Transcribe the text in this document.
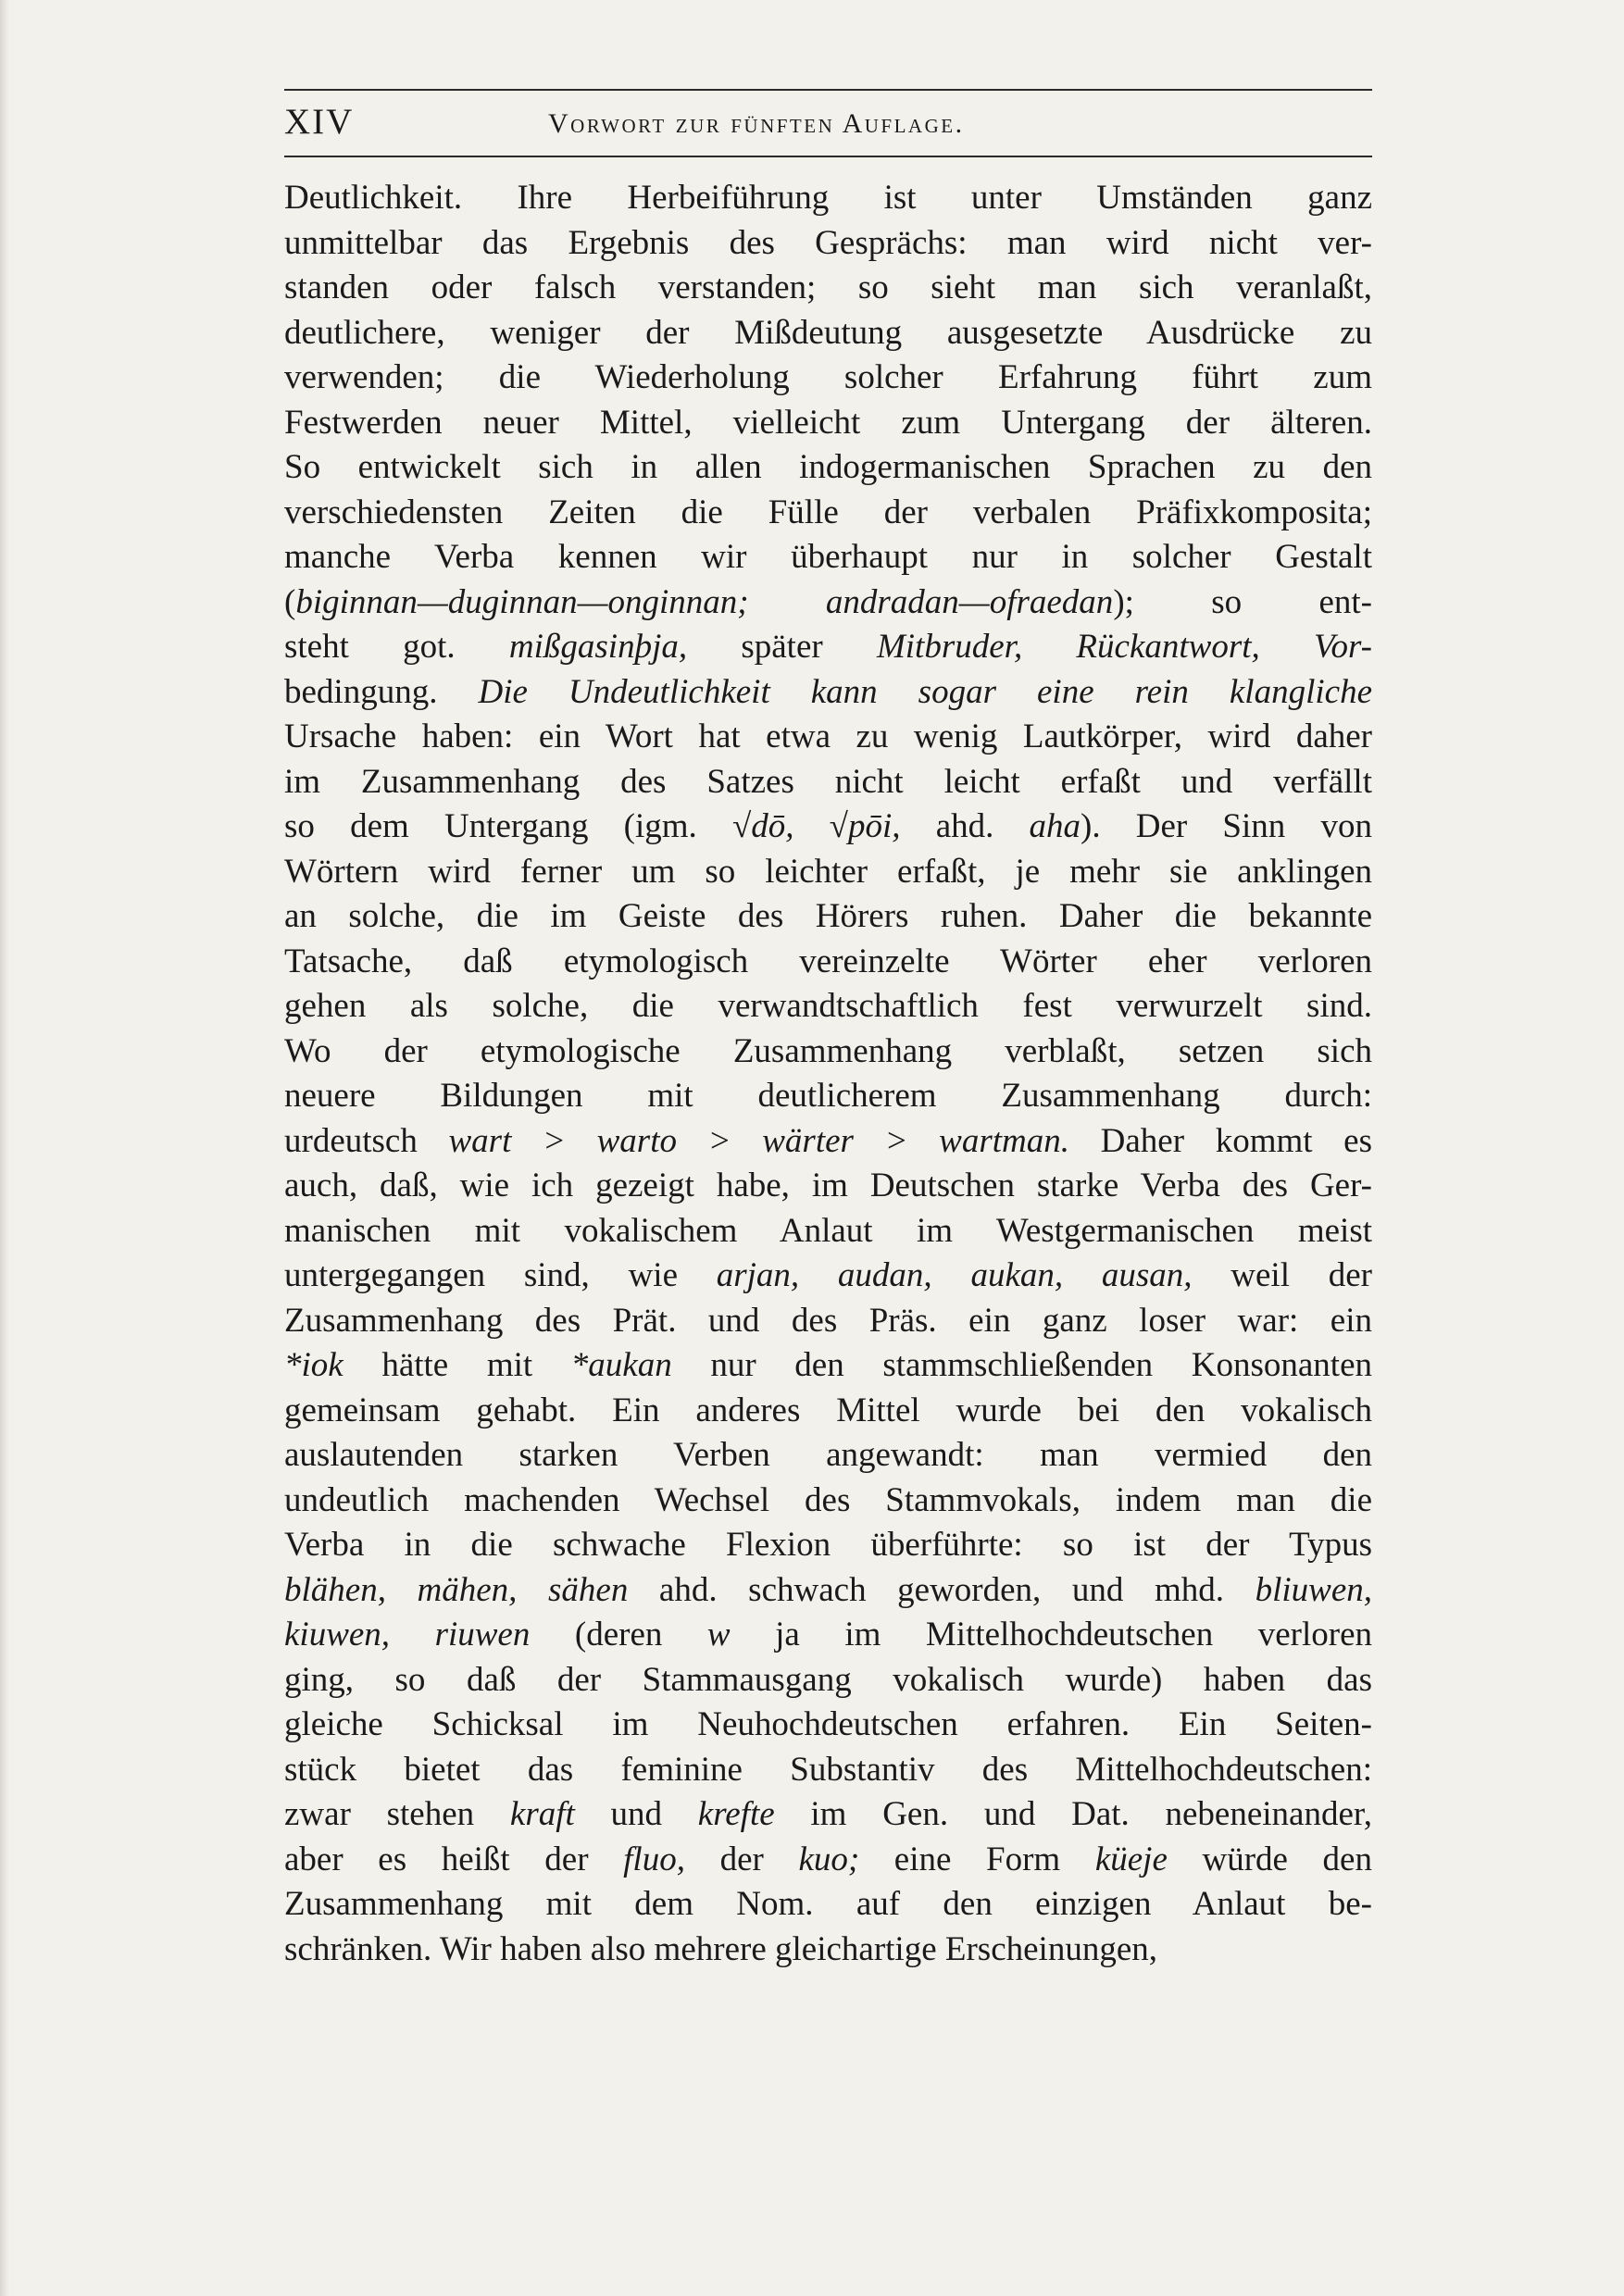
XIV	Vorwort zur fünften Auflage.
Deutlichkeit. Ihre Herbeiführung ist unter Umständen ganz
unmittelbar das Ergebnis des Gesprächs: man wird nicht ver-
standen oder falsch verstanden; so sieht man sich veranlaßt,
deutlichere, weniger der Mißdeutung ausgesetzte Ausdrücke zu
verwenden; die Wiederholung solcher Erfahrung führt zum
Festwerden neuer Mittel, vielleicht zum Untergang der älteren.
So entwickelt sich in allen indogermanischen Sprachen zu den
verschiedensten Zeiten die Fülle der verbalen Präfixkomposita;
manche Verba kennen wir überhaupt nur in solcher Gestalt
(biginnan—duginnan—onginnan; andradan—ofraedan); so ent-
steht got. mißgasinþja, später Mitbruder, Rückantwort, Vor-
bedingung. Die Undeutlichkeit kann sogar eine rein klangliche
Ursache haben: ein Wort hat etwa zu wenig Lautkörper, wird daher
im Zusammenhang des Satzes nicht leicht erfaßt und verfällt
so dem Untergang (igm. √dō, √pōi, ahd. aha). Der Sinn von
Wörtern wird ferner um so leichter erfaßt, je mehr sie anklingen
an solche, die im Geiste des Hörers ruhen. Daher die bekannte
Tatsache, daß etymologisch vereinzelte Wörter eher verloren
gehen als solche, die verwandtschaftlich fest verwurzelt sind.
Wo der etymologische Zusammenhang verblaßt, setzen sich
neuere Bildungen mit deutlicherem Zusammenhang durch:
urdeutsch wart > warto > wärter > wartman. Daher kommt es
auch, daß, wie ich gezeigt habe, im Deutschen starke Verba des Ger-
manischen mit vokalischem Anlaut im Westgermanischen meist
untergegangen sind, wie arjan, audan, aukan, ausan, weil der
Zusammenhang des Prät. und des Präs. ein ganz loser war: ein
*iok hätte mit *aukan nur den stammschließenden Konsonanten
gemeinsam gehabt. Ein anderes Mittel wurde bei den vokalisch
auslautenden starken Verben angewandt: man vermied den
undeutlich machenden Wechsel des Stammvokals, indem man die
Verba in die schwache Flexion überführte: so ist der Typus
blähen, mähen, sähen ahd. schwach geworden, und mhd. bliuwen,
kiuwen, riuwen (deren w ja im Mittelhochdeutschen verloren
ging, so daß der Stammausgang vokalisch wurde) haben das
gleiche Schicksal im Neuhochdeutschen erfahren. Ein Seiten-
stück bietet das feminine Substantiv des Mittelhochdeutschen:
zwar stehen kraft und krefte im Gen. und Dat. nebeneinander,
aber es heißt der fluo, der kuo; eine Form küeje würde den
Zusammenhang mit dem Nom. auf den einzigen Anlaut be-
schränken. Wir haben also mehrere gleichartige Erscheinungen,
